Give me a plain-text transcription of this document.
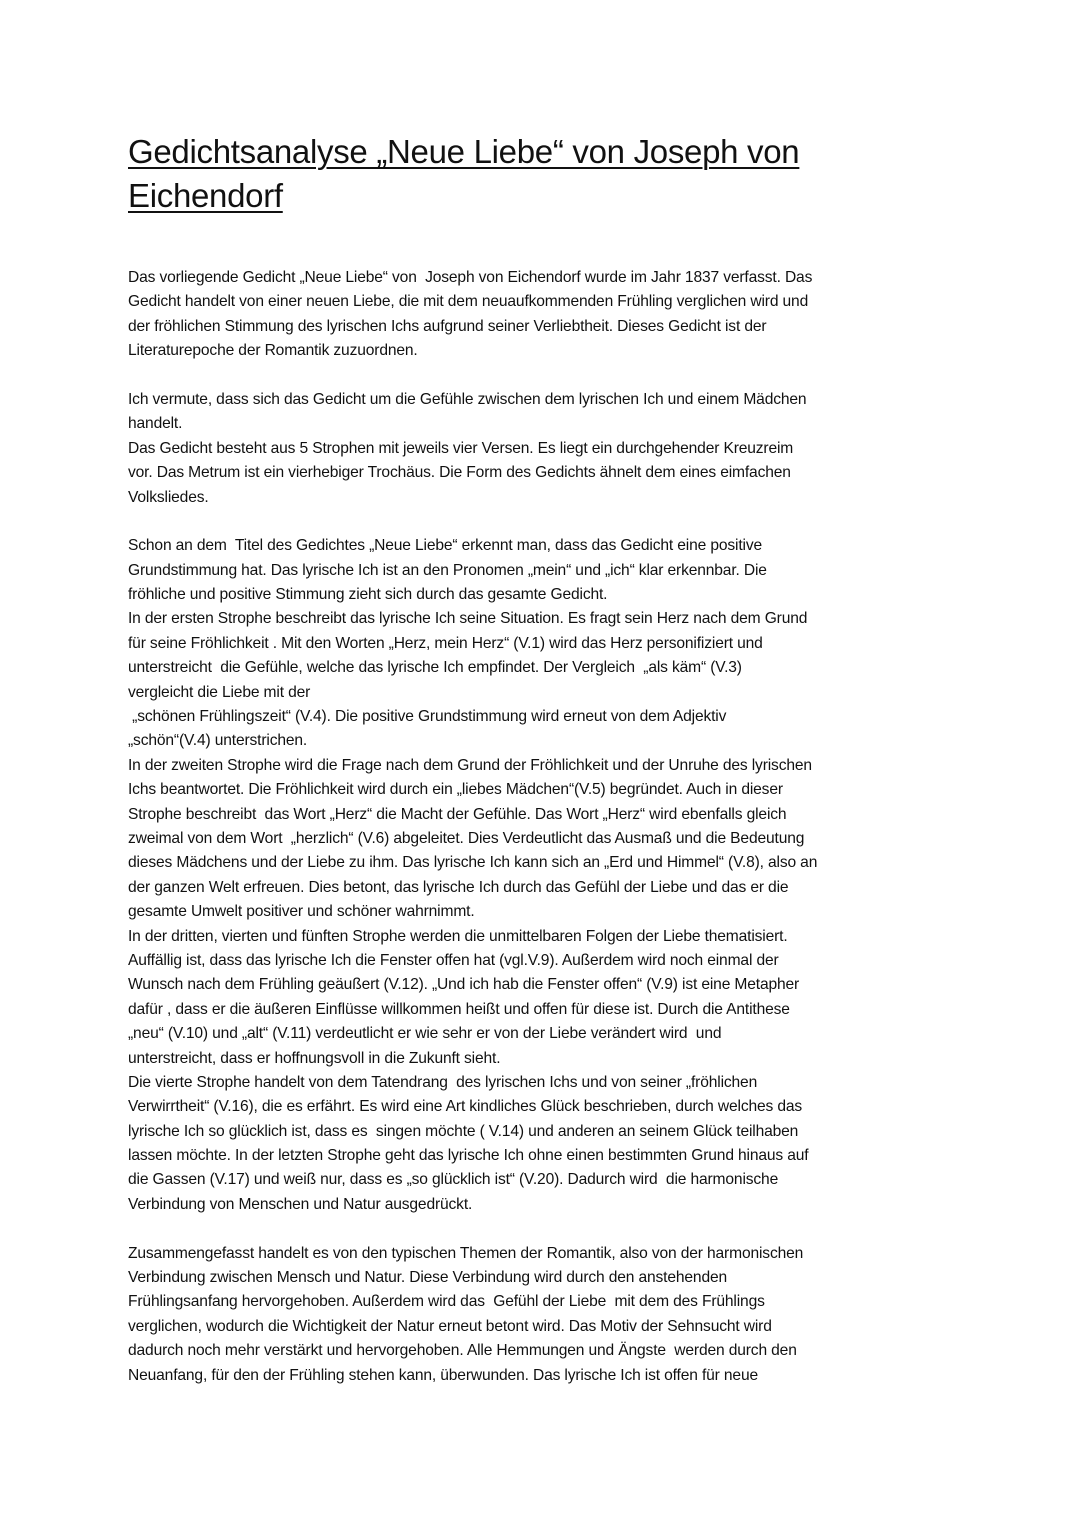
Gedichtsanalyse „Neue Liebe“ von Joseph von
Eichendorf
Das vorliegende Gedicht „Neue Liebe“ von  Joseph von Eichendorf wurde im Jahr 1837 verfasst. Das
Gedicht handelt von einer neuen Liebe, die mit dem neuaufkommenden Frühling verglichen wird und
der fröhlichen Stimmung des lyrischen Ichs aufgrund seiner Verliebtheit. Dieses Gedicht ist der
Literaturepoche der Romantik zuzuordnen.
Ich vermute, dass sich das Gedicht um die Gefühle zwischen dem lyrischen Ich und einem Mädchen
handelt.
Das Gedicht besteht aus 5 Strophen mit jeweils vier Versen. Es liegt ein durchgehender Kreuzreim
vor. Das Metrum ist ein vierhebiger Trochäus. Die Form des Gedichts ähnelt dem eines eimfachen
Volksliedes.
Schon an dem  Titel des Gedichtes „Neue Liebe“ erkennt man, dass das Gedicht eine positive
Grundstimmung hat. Das lyrische Ich ist an den Pronomen „mein“ und „ich“ klar erkennbar. Die
fröhliche und positive Stimmung zieht sich durch das gesamte Gedicht.
In der ersten Strophe beschreibt das lyrische Ich seine Situation. Es fragt sein Herz nach dem Grund
für seine Fröhlichkeit . Mit den Worten „Herz, mein Herz“ (V.1) wird das Herz personifiziert und
unterstreicht  die Gefühle, welche das lyrische Ich empfindet. Der Vergleich  „als käm“ (V.3)
vergleicht die Liebe mit der
„schönen Frühlingszeit“ (V.4). Die positive Grundstimmung wird erneut von dem Adjektiv
„schön“(V.4) unterstrichen.
In der zweiten Strophe wird die Frage nach dem Grund der Fröhlichkeit und der Unruhe des lyrischen
Ichs beantwortet. Die Fröhlichkeit wird durch ein „liebes Mädchen“(V.5) begründet. Auch in dieser
Strophe beschreibt  das Wort „Herz“ die Macht der Gefühle. Das Wort „Herz“ wird ebenfalls gleich
zweimal von dem Wort  „herzlich“ (V.6) abgeleitet. Dies Verdeutlicht das Ausmaß und die Bedeutung
dieses Mädchens und der Liebe zu ihm. Das lyrische Ich kann sich an „Erd und Himmel“ (V.8), also an
der ganzen Welt erfreuen. Dies betont, das lyrische Ich durch das Gefühl der Liebe und das er die
gesamte Umwelt positiver und schöner wahrnimmt.
In der dritten, vierten und fünften Strophe werden die unmittelbaren Folgen der Liebe thematisiert.
Auffällig ist, dass das lyrische Ich die Fenster offen hat (vgl.V.9). Außerdem wird noch einmal der
Wunsch nach dem Frühling geäußert (V.12). „Und ich hab die Fenster offen“ (V.9) ist eine Metapher
dafür , dass er die äußeren Einflüsse willkommen heißt und offen für diese ist. Durch die Antithese
„neu“ (V.10) und „alt“ (V.11) verdeutlicht er wie sehr er von der Liebe verändert wird  und
unterstreicht, dass er hoffnungsvoll in die Zukunft sieht.
Die vierte Strophe handelt von dem Tatendrang  des lyrischen Ichs und von seiner „fröhlichen
Verwirrtheit“ (V.16), die es erfährt. Es wird eine Art kindliches Glück beschrieben, durch welches das
lyrische Ich so glücklich ist, dass es  singen möchte ( V.14) und anderen an seinem Glück teilhaben
lassen möchte. In der letzten Strophe geht das lyrische Ich ohne einen bestimmten Grund hinaus auf
die Gassen (V.17) und weiß nur, dass es „so glücklich ist“ (V.20). Dadurch wird  die harmonische
Verbindung von Menschen und Natur ausgedrückt.
Zusammengefasst handelt es von den typischen Themen der Romantik, also von der harmonischen
Verbindung zwischen Mensch und Natur. Diese Verbindung wird durch den anstehenden
Frühlingsanfang hervorgehoben. Außerdem wird das  Gefühl der Liebe  mit dem des Frühlings
verglichen, wodurch die Wichtigkeit der Natur erneut betont wird. Das Motiv der Sehnsucht wird
dadurch noch mehr verstärkt und hervorgehoben. Alle Hemmungen und Ängste  werden durch den
Neuanfang, für den der Frühling stehen kann, überwunden. Das lyrische Ich ist offen für neue
